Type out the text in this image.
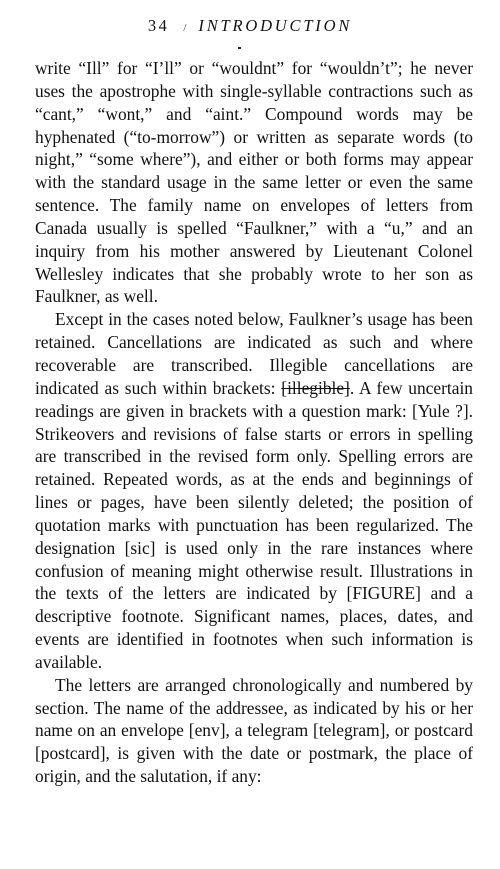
34 / INTRODUCTION

write “Ill” for “I’ll” or “wouldnt” for “wouldn’t”; he never uses the apostrophe with single-syllable contractions such as “cant,” “wont,” and “aint.” Compound words may be hyphenated (“to-morrow”) or written as separate words (to night,” “some where”), and either or both forms may appear with the standard usage in the same letter or even the same sentence. The family name on envelopes of letters from Canada usually is spelled “Faulkner,” with a “u,” and an inquiry from his mother answered by Lieutenant Colonel Wellesley indicates that she probably wrote to her son as Faulkner, as well.

Except in the cases noted below, Faulkner’s usage has been retained. Cancellations are indicated as such and where recoverable are transcribed. Illegible cancellations are indicated as such within brackets: [illegible]. A few uncertain readings are given in brackets with a question mark: [Yule ?]. Strikeovers and revisions of false starts or errors in spelling are transcribed in the revised form only. Spelling errors are retained. Repeated words, as at the ends and beginnings of lines or pages, have been silently deleted; the position of quotation marks with punctuation has been regularized. The designation [sic] is used only in the rare instances where confusion of meaning might otherwise result. Illustrations in the texts of the letters are indicated by [FIGURE] and a descriptive footnote. Significant names, places, dates, and events are identified in footnotes when such information is available.

The letters are arranged chronologically and numbered by section. The name of the addressee, as indicated by his or her name on an envelope [env], a telegram [telegram], or postcard [postcard], is given with the date or postmark, the place of origin, and the salutation, if any:
